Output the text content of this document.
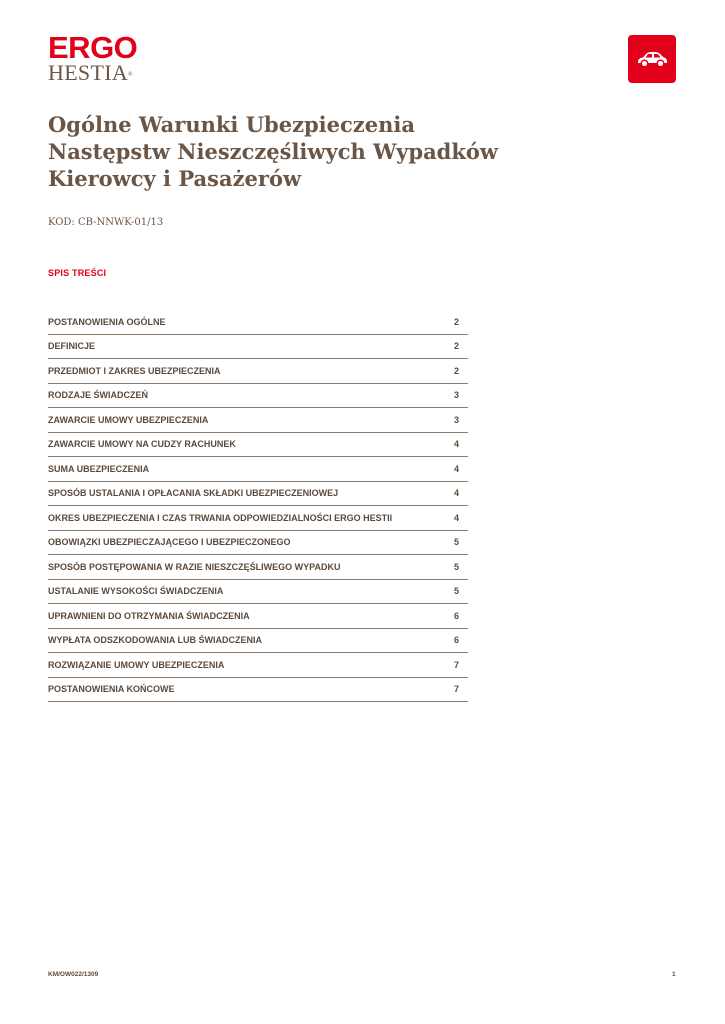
ERGO
HESTIA®
Ogólne Warunki Ubezpieczenia
Następstw Nieszczęśliwych Wypadków
Kierowcy i Pasażerów
KOD: CB-NNWK-01/13
SPIS TREŚCI
POSTANOWIENIA OGÓLNE	2
DEFINICJE	2
PRZEDMIOT I ZAKRES UBEZPIECZENIA	2
RODZAJE ŚWIADCZEŃ	3
ZAWARCIE UMOWY UBEZPIECZENIA	3
ZAWARCIE UMOWY NA CUDZY RACHUNEK	4
SUMA UBEZPIECZENIA	4
SPOSÓB USTALANIA I OPŁACANIA SKŁADKI UBEZPIECZENIOWEJ	4
OKRES UBEZPIECZENIA I CZAS TRWANIA ODPOWIEDZIALNOŚCI ERGO HESTII	4
OBOWIĄZKI UBEZPIECZAJĄCEGO I UBEZPIECZONEGO	5
SPOSÓB POSTĘPOWANIA W RAZIE NIESZCZĘŚLIWEGO WYPADKU	5
USTALANIE WYSOKOŚCI ŚWIADCZENIA	5
UPRAWNIENI DO OTRZYMANIA ŚWIADCZENIA	6
WYPŁATA ODSZKODOWANIA LUB ŚWIADCZENIA	6
ROZWIĄZANIE UMOWY UBEZPIECZENIA	7
POSTANOWIENIA KOŃCOWE	7
KM/OW022/1309	1
